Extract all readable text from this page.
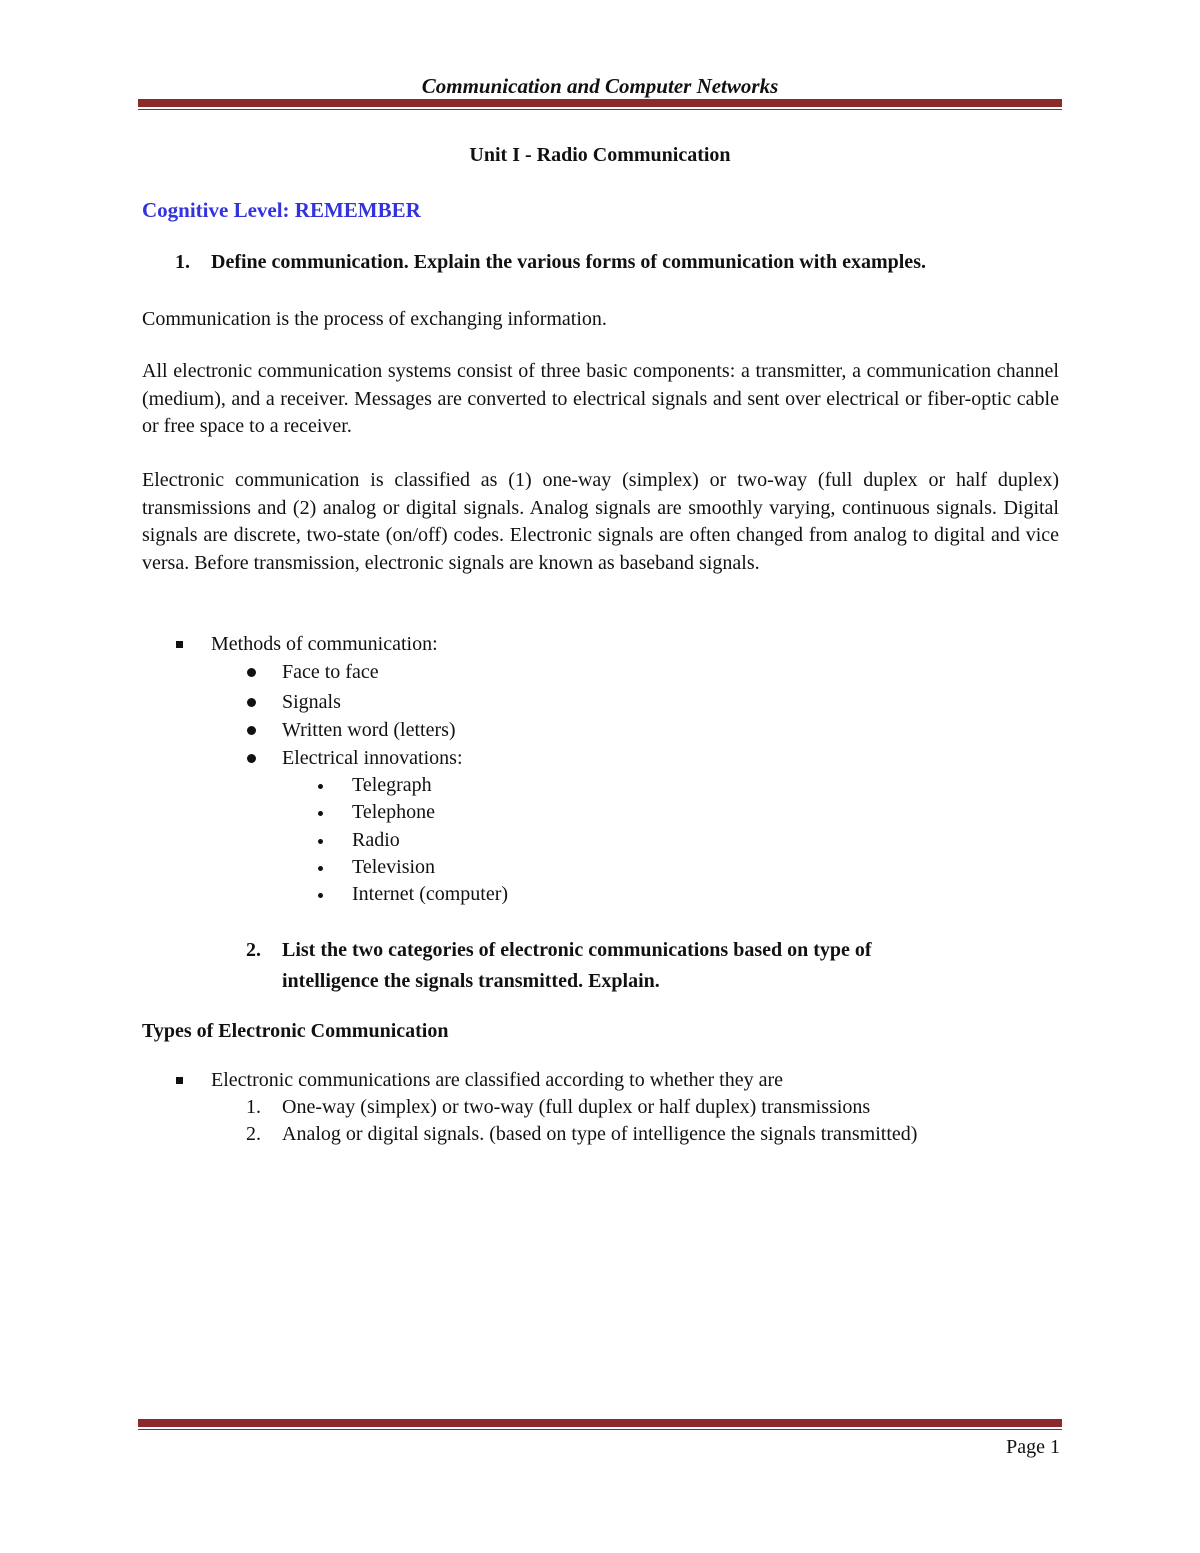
Communication and Computer Networks
Unit I - Radio Communication
Cognitive Level: REMEMBER
1. Define communication. Explain the various forms of communication with examples.
Communication is the process of exchanging information.
All electronic communication systems consist of three basic components: a transmitter, a communication channel (medium), and a receiver. Messages are converted to electrical signals and sent over electrical or fiber-optic cable or free space to a receiver.
Electronic communication is classified as (1) one-way (simplex) or two-way (full duplex or half duplex) transmissions and (2) analog or digital signals. Analog signals are smoothly varying, continuous signals. Digital signals are discrete, two-state (on/off) codes. Electronic signals are often changed from analog to digital and vice versa. Before transmission, electronic signals are known as baseband signals.
Methods of communication:
Face to face
Signals
Written word (letters)
Electrical innovations:
Telegraph
Telephone
Radio
Television
Internet (computer)
2. List the two categories of electronic communications based on type of
intelligence the signals transmitted. Explain.
Types of Electronic Communication
Electronic communications are classified according to whether they are
1. One-way (simplex) or two-way (full duplex or half duplex) transmissions
2. Analog or digital signals. (based on type of intelligence the signals transmitted)
Page 1
